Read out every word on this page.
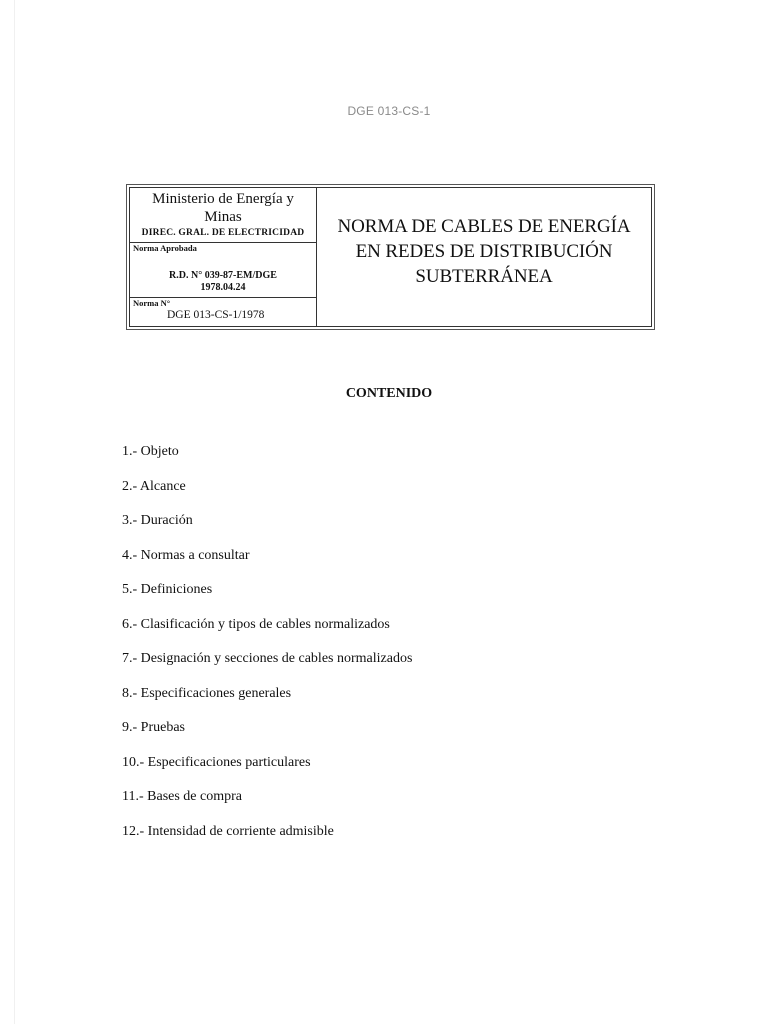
DGE 013-CS-1
Ministerio de Energía y
Minas
DIREC. GRAL. DE ELECTRICIDAD
Norma Aprobada
R.D. N° 039-87-EM/DGE
1978.04.24
Norma N°
DGE 013-CS-1/1978
NORMA DE CABLES DE ENERGÍA
EN REDES DE DISTRIBUCIÓN
SUBTERRÁNEA
CONTENIDO
1.- Objeto
2.- Alcance
3.- Duración
4.- Normas a consultar
5.- Definiciones
6.- Clasificación y tipos de cables normalizados
7.- Designación y secciones de cables normalizados
8.- Especificaciones generales
9.- Pruebas
10.- Especificaciones particulares
11.- Bases de compra
12.- Intensidad de corriente admisible
